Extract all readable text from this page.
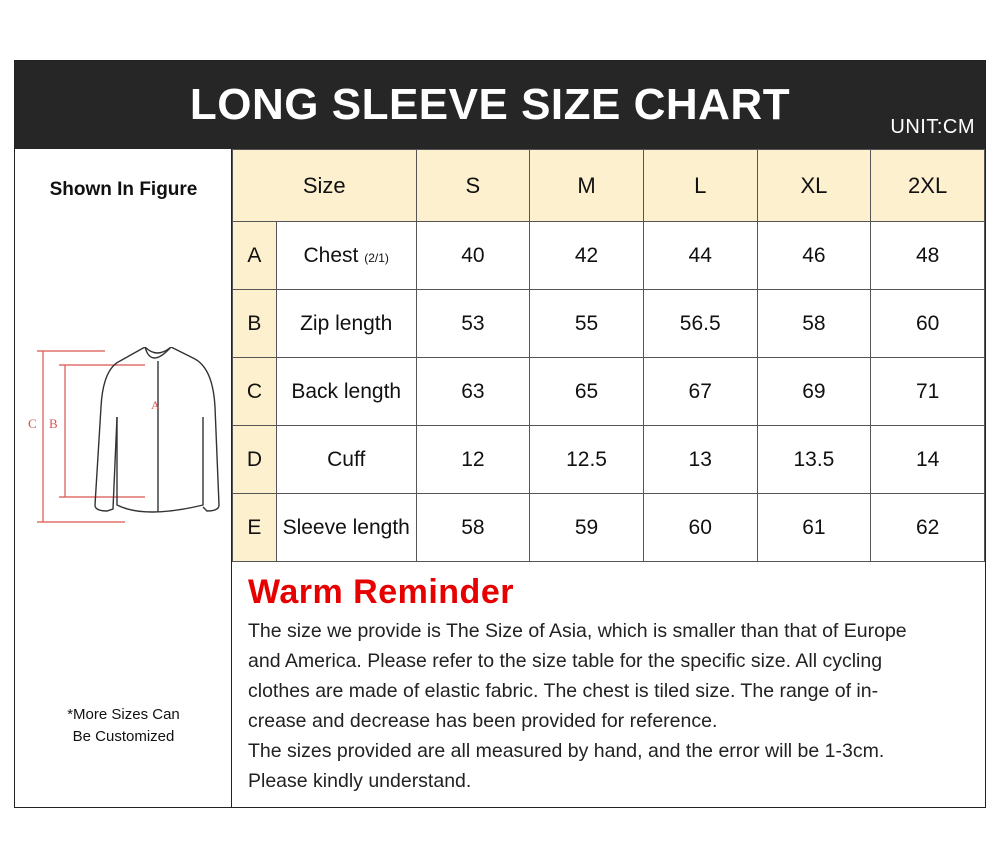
LONG SLEEVE SIZE CHART	UNIT:CM
Shown In Figure
C B
A
*More Sizes Can
Be Customized
Size		S	M	L	XL	2XL
A	Chest (2/1)	40	42	44	46	48
B	Zip length	53	55	56.5	58	60
C	Back length	63	65	67	69	71
D	Cuff	12	12.5	13	13.5	14
E	Sleeve length	58	59	60	61	62
Warm Reminder

The size we provide is The Size of Asia, which is smaller than that of Europe

and America. Please refer to the size table for the specific size. All cycling

clothes are made of elastic fabric. The chest is tiled size. The range of in-

crease and decrease has been provided for reference.

The sizes provided are all measured by hand, and the error will be 1-3cm.

Please kindly understand.
